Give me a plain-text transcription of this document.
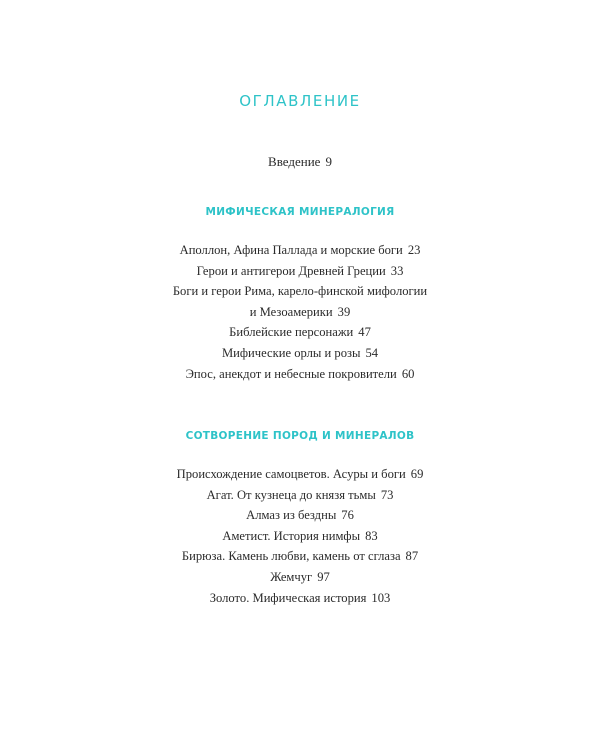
ОГЛАВЛЕНИЕ
Введение 9
МИФИЧЕСКАЯ МИНЕРАЛОГИЯ
Аполлон, Афина Паллада и морские боги 23
Герои и антигерои Древней Греции 33
Боги и герои Рима, карело-финской мифологии
и Мезоамерики 39
Библейские персонажи 47
Мифические орлы и розы 54
Эпос, анекдот и небесные покровители 60
СОТВОРЕНИЕ ПОРОД И МИНЕРАЛОВ
Происхождение самоцветов. Асуры и боги 69
Агат. От кузнеца до князя тьмы 73
Алмаз из бездны 76
Аметист. История нимфы 83
Бирюза. Камень любви, камень от сглаза 87
Жемчуг 97
Золото. Мифическая история 103
